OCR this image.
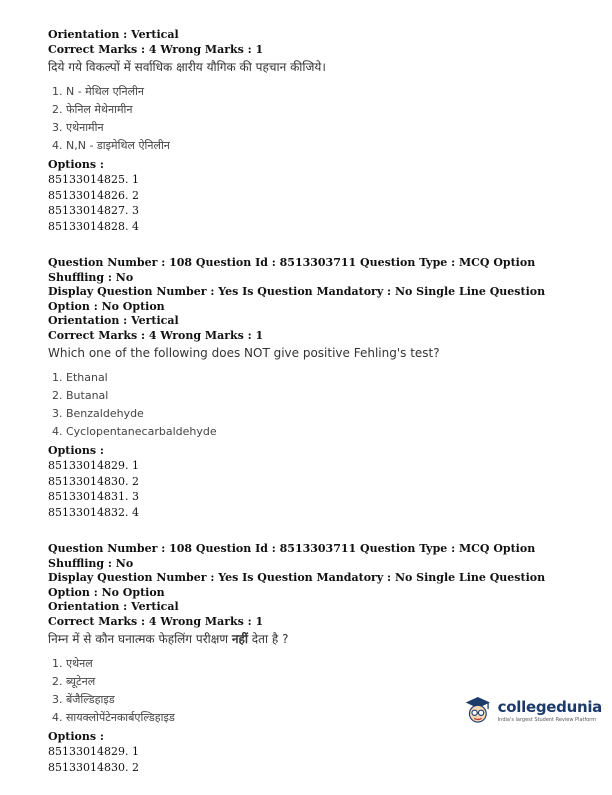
Orientation : Vertical
Correct Marks : 4 Wrong Marks : 1
दिये गये विकल्पों में सर्वाधिक क्षारीय यौगिक की पहचान कीजिये।
1. N - मेथिल एनिलीन
2. फेनिल मेथेनामीन
3. एथेनामीन
4. N,N - डाइमेथिल ऐनिलीन
Options :
85133014825. 1
85133014826. 2
85133014827. 3
85133014828. 4
Question Number : 108 Question Id : 8513303711 Question Type : MCQ Option Shuffling : No
Display Question Number : Yes Is Question Mandatory : No Single Line Question Option : No Option
Orientation : Vertical
Correct Marks : 4 Wrong Marks : 1
Which one of the following does NOT give positive Fehling's test?
1. Ethanal
2. Butanal
3. Benzaldehyde
4. Cyclopentanecarbaldehyde
Options :
85133014829. 1
85133014830. 2
85133014831. 3
85133014832. 4
Question Number : 108 Question Id : 8513303711 Question Type : MCQ Option Shuffling : No
Display Question Number : Yes Is Question Mandatory : No Single Line Question Option : No Option
Orientation : Vertical
Correct Marks : 4 Wrong Marks : 1
निम्न में से कौन घनात्मक फेहलिंग परीक्षण नहीं देता है ?
1. एथेनल
2. ब्यूटेनल
3. बेंजैल्डिहाइड
4. सायक्लोपेंटेनकार्बएल्डिहाइड
Options :
85133014829. 1
85133014830. 2
collegedunia
India's largest Student Review Platform
